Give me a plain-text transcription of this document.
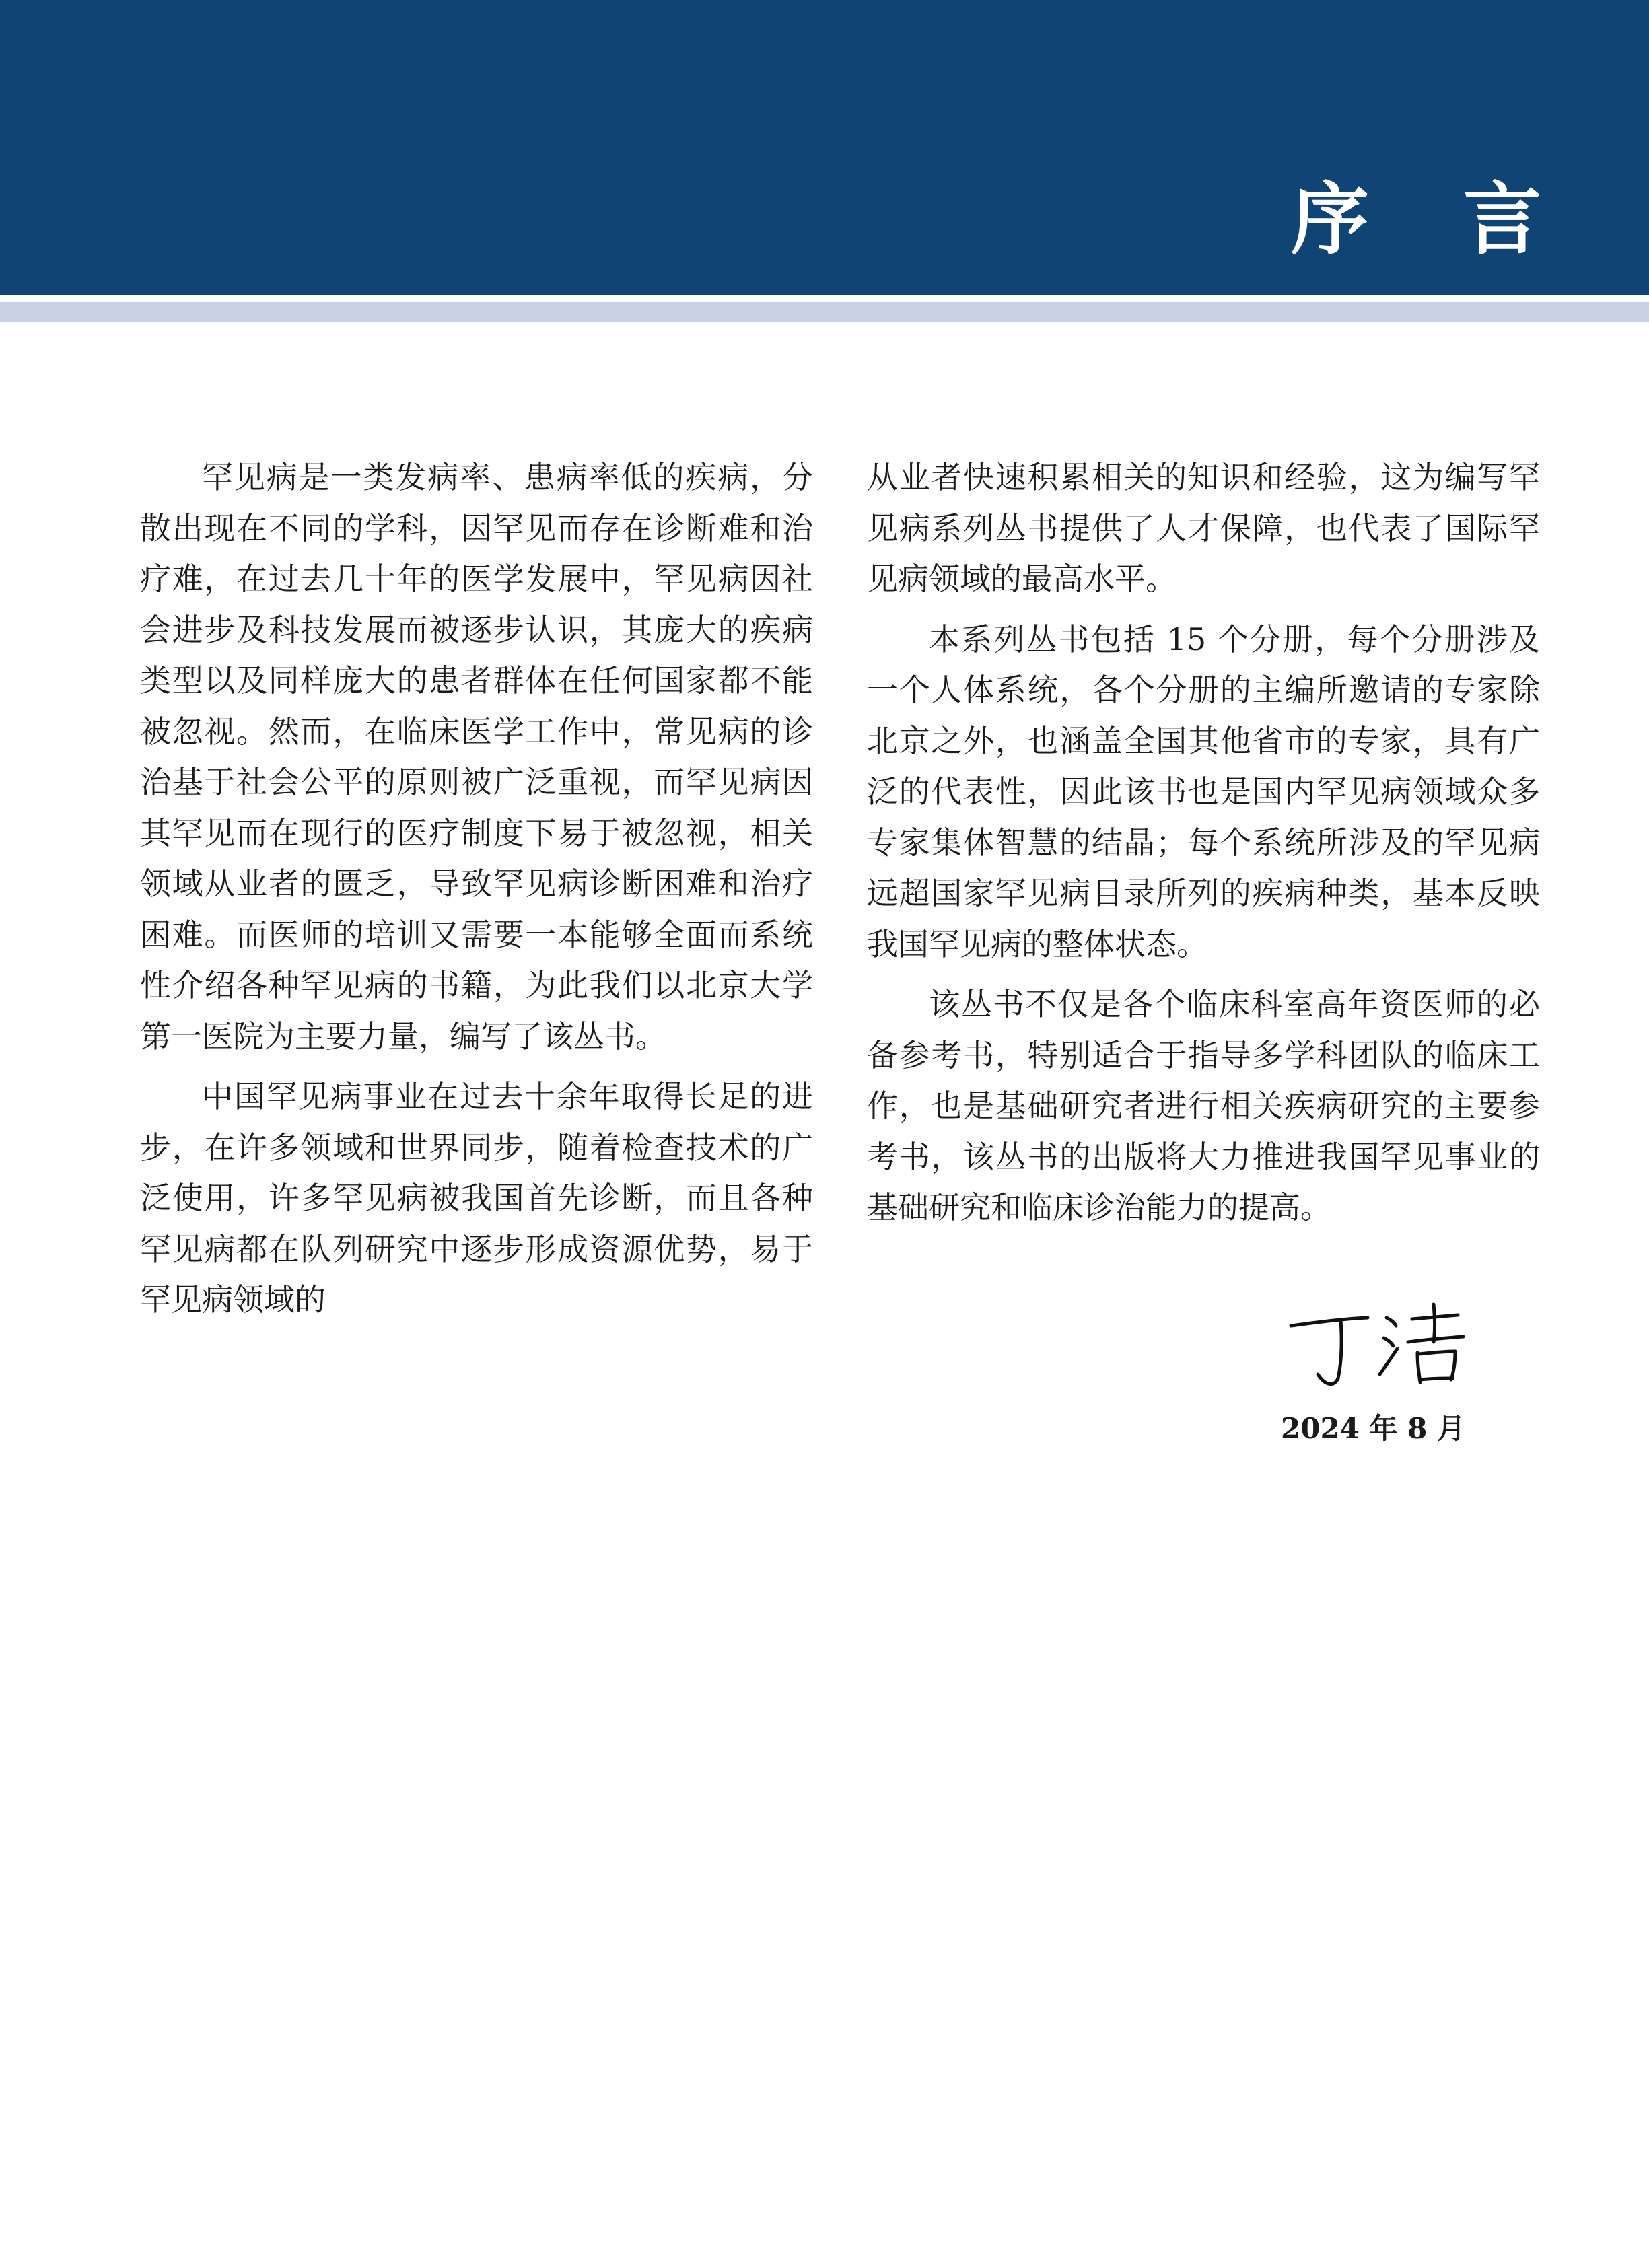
序言

罕见病是一类发病率、患病率低的疾病，分散出现在不同的学科，因罕见而存在诊断难和治疗难，在过去几十年的医学发展中，罕见病因社会进步及科技发展而被逐步认识，其庞大的疾病类型以及同样庞大的患者群体在任何国家都不能被忽视。然而，在临床医学工作中，常见病的诊治基于社会公平的原则被广泛重视，而罕见病因其罕见而在现行的医疗制度下易于被忽视，相关领域从业者的匮乏，导致罕见病诊断困难和治疗困难。而医师的培训又需要一本能够全面而系统性介绍各种罕见病的书籍，为此我们以北京大学第一医院为主要力量，编写了该丛书。

中国罕见病事业在过去十余年取得长足的进步，在许多领域和世界同步，随着检查技术的广泛使用，许多罕见病被我国首先诊断，而且各种罕见病都在队列研究中逐步形成资源优势，易于罕见病领域的

从业者快速积累相关的知识和经验，这为编写罕见病系列丛书提供了人才保障，也代表了国际罕见病领域的最高水平。

本系列丛书包括 15 个分册，每个分册涉及一个人体系统，各个分册的主编所邀请的专家除北京之外，也涵盖全国其他省市的专家，具有广泛的代表性，因此该书也是国内罕见病领域众多专家集体智慧的结晶；每个系统所涉及的罕见病远超国家罕见病目录所列的疾病种类，基本反映我国罕见病的整体状态。

该丛书不仅是各个临床科室高年资医师的必备参考书，特别适合于指导多学科团队的临床工作，也是基础研究者进行相关疾病研究的主要参考书，该丛书的出版将大力推进我国罕见事业的基础研究和临床诊治能力的提高。

2024 年 8 月
